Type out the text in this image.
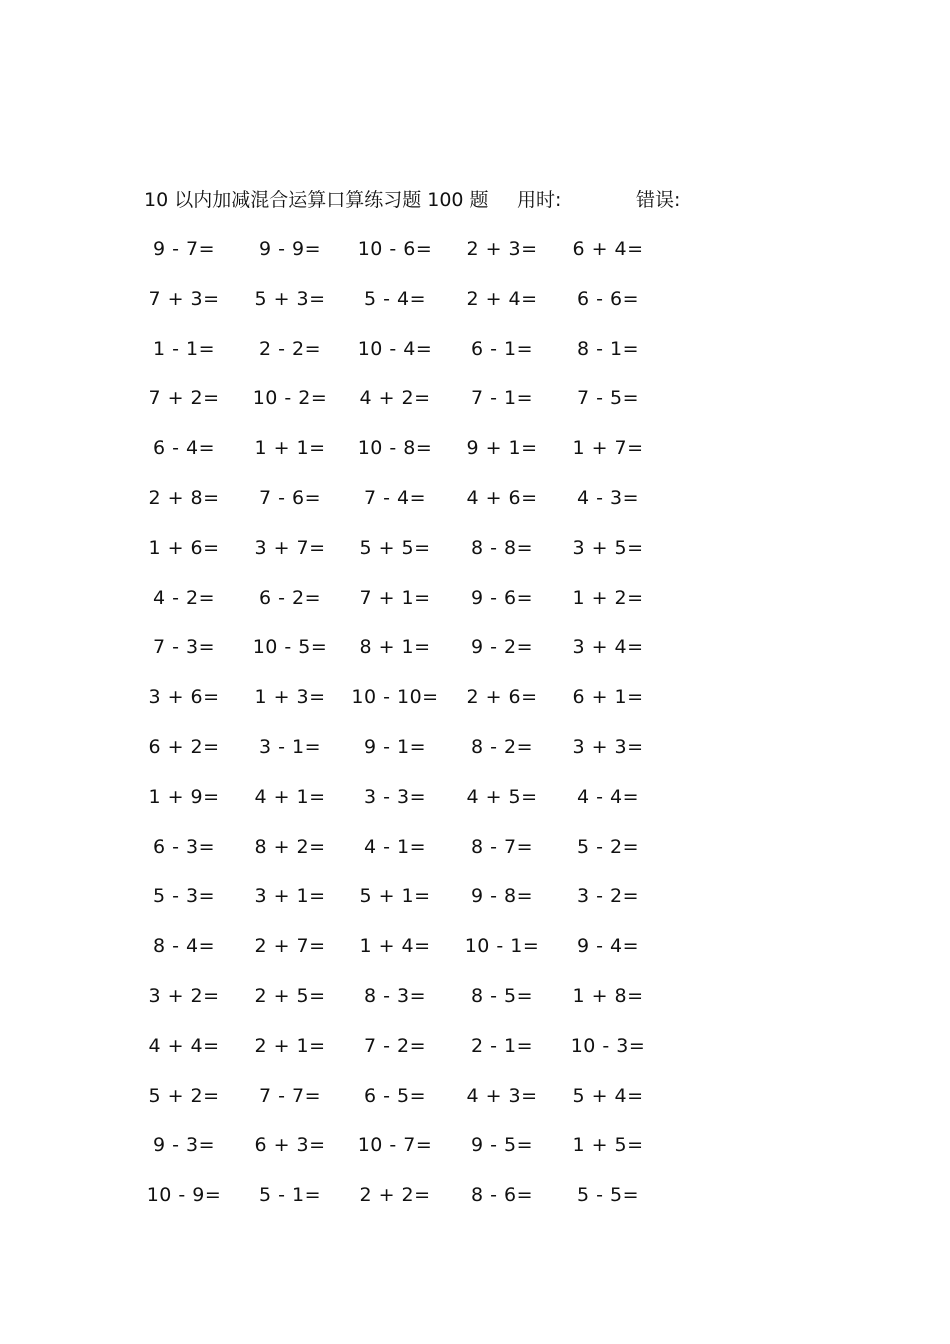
10 以内加减混合运算口算练习题 100 题 用时:	错误:
9 - 7=	9 - 9=	10 - 6=	2 + 3=	6 + 4=
7 + 3=	5 + 3=	5 - 4=	2 + 4=	6 - 6=
1 - 1=	2 - 2=	10 - 4=	6 - 1=	8 - 1=
7 + 2=	10 - 2=	4 + 2=	7 - 1=	7 - 5=
6 - 4=	1 + 1=	10 - 8=	9 + 1=	1 + 7=
2 + 8=	7 - 6=	7 - 4=	4 + 6=	4 - 3=
1 + 6=	3 + 7=	5 + 5=	8 - 8=	3 + 5=
4 - 2=	6 - 2=	7 + 1=	9 - 6=	1 + 2=
7 - 3=	10 - 5=	8 + 1=	9 - 2=	3 + 4=
3 + 6=	1 + 3=	10 - 10=	2 + 6=	6 + 1=
6 + 2=	3 - 1=	9 - 1=	8 - 2=	3 + 3=
1 + 9=	4 + 1=	3 - 3=	4 + 5=	4 - 4=
6 - 3=	8 + 2=	4 - 1=	8 - 7=	5 - 2=
5 - 3=	3 + 1=	5 + 1=	9 - 8=	3 - 2=
8 - 4=	2 + 7=	1 + 4=	10 - 1=	9 - 4=
3 + 2=	2 + 5=	8 - 3=	8 - 5=	1 + 8=
4 + 4=	2 + 1=	7 - 2=	2 - 1=	10 - 3=
5 + 2=	7 - 7=	6 - 5=	4 + 3=	5 + 4=
9 - 3=	6 + 3=	10 - 7=	9 - 5=	1 + 5=
10 - 9=	5 - 1=	2 + 2=	8 - 6=	5 - 5=
